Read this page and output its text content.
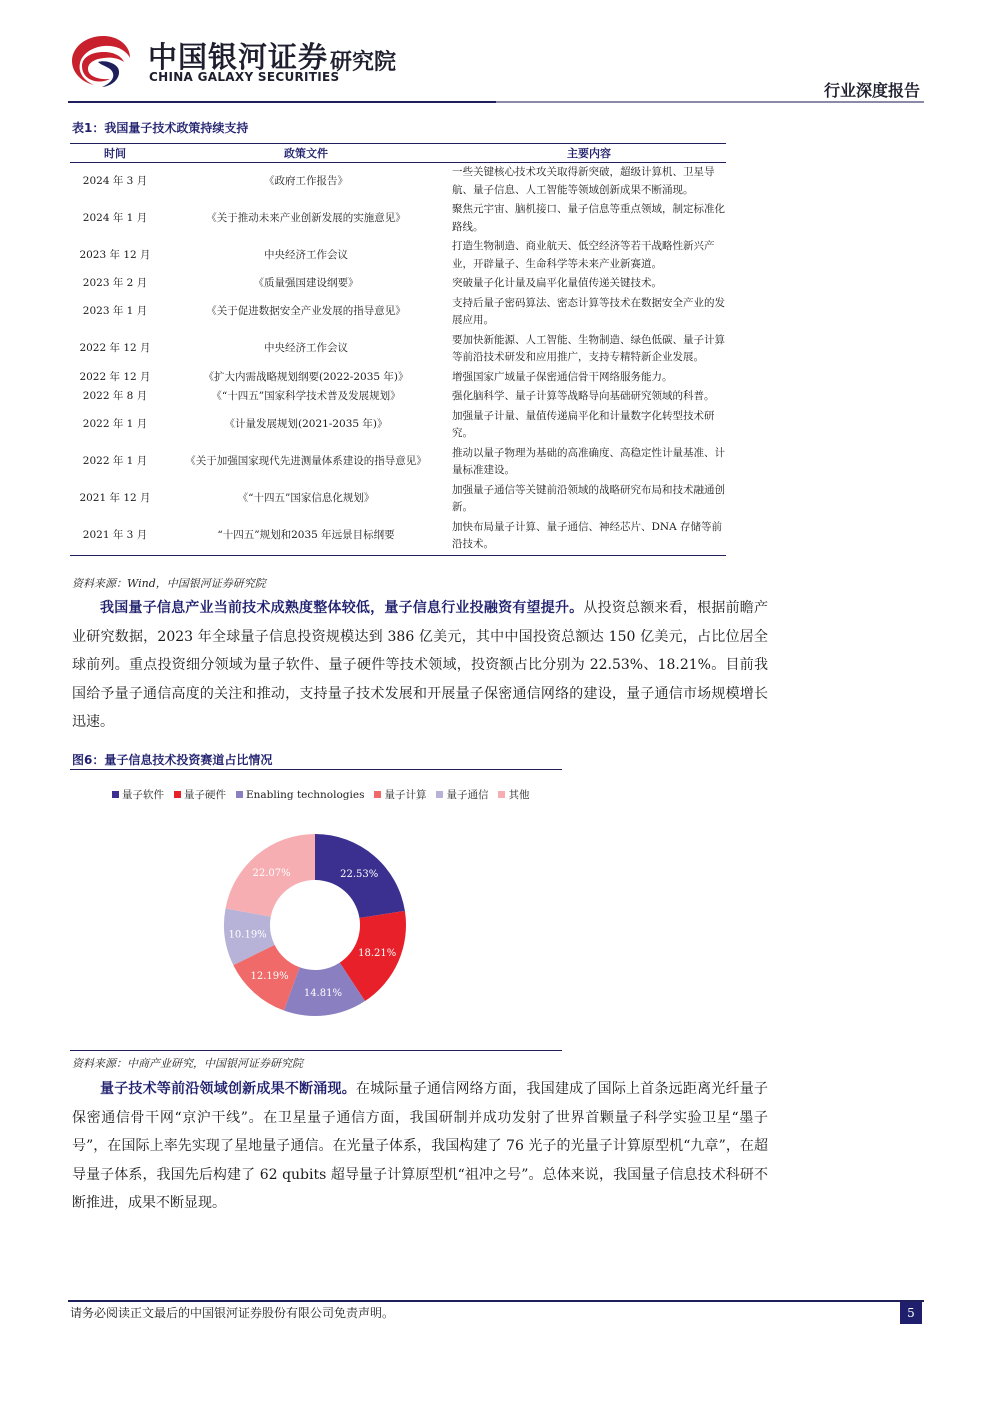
中国银河证券
CHINA GALAXY SECURITIES
研究院
行业深度报告
表1：我国量子技术政策持续支持
时间	政策文件	主要内容
2024 年 3 月	《政府工作报告》	一些关键核心技术攻关取得新突破，超级计算机、卫星导航、量子信息、人工智能等领域创新成果不断涌现。
2024 年 1 月	《关于推动未来产业创新发展的实施意见》	聚焦元宇宙、脑机接口、量子信息等重点领域，制定标准化路线。
2023 年 12 月	中央经济工作会议	打造生物制造、商业航天、低空经济等若干战略性新兴产业，开辟量子、生命科学等未来产业新赛道。
2023 年 2 月	《质量强国建设纲要》	突破量子化计量及扁平化量值传递关键技术。
2023 年 1 月	《关于促进数据安全产业发展的指导意见》	支持后量子密码算法、密态计算等技术在数据安全产业的发展应用。
2022 年 12 月	中央经济工作会议	要加快新能源、人工智能、生物制造、绿色低碳、量子计算等前沿技术研发和应用推广，支持专精特新企业发展。
2022 年 12 月	《扩大内需战略规划纲要(2022-2035 年)》	增强国家广域量子保密通信骨干网络服务能力。
2022 年 8 月	《“十四五”国家科学技术普及发展规划》	强化脑科学、量子计算等战略导向基础研究领域的科普。
2022 年 1 月	《计量发展规划(2021-2035 年)》	加强量子计量、量值传递扁平化和计量数字化转型技术研究。
2022 年 1 月	《关于加强国家现代先进测量体系建设的指导意见》	推动以量子物理为基础的高准确度、高稳定性计量基准、计量标准建设。
2021 年 12 月	《“十四五”国家信息化规划》	加强量子通信等关键前沿领域的战略研究布局和技术融通创新。
2021 年 3 月	“十四五”规划和2035 年远景目标纲要	加快布局量子计算、量子通信、神经芯片、DNA 存储等前沿技术。
资料来源：Wind，中国银河证券研究院
我国量子信息产业当前技术成熟度整体较低，量子信息行业投融资有望提升。从投资总额来看，根据前瞻产业研究数据，2023 年全球量子信息投资规模达到 386 亿美元，其中中国投资总额达 150 亿美元，占比位居全球前列。重点投资细分领域为量子软件、量子硬件等技术领域，投资额占比分别为 22.53%、18.21%。目前我国给予量子通信高度的关注和推动，支持量子技术发展和开展量子保密通信网络的建设，量子通信市场规模增长迅速。
图6：量子信息技术投资赛道占比情况
量子软件 量子硬件 Enabling technologies 量子计算 量子通信 其他
22.53%
18.21%
14.81%
12.19%
10.19%
22.07%
资料来源：中商产业研究，中国银河证券研究院
量子技术等前沿领域创新成果不断涌现。在城际量子通信网络方面，我国建成了国际上首条远距离光纤量子保密通信骨干网“京沪干线”。在卫星量子通信方面，我国研制并成功发射了世界首颗量子科学实验卫星“墨子号”，在国际上率先实现了星地量子通信。在光量子体系，我国构建了 76 光子的光量子计算原型机“九章”，在超导量子体系，我国先后构建了 62 qubits 超导量子计算原型机“祖冲之号”。总体来说，我国量子信息技术科研不断推进，成果不断显现。
请务必阅读正文最后的中国银河证券股份有限公司免责声明。	5
